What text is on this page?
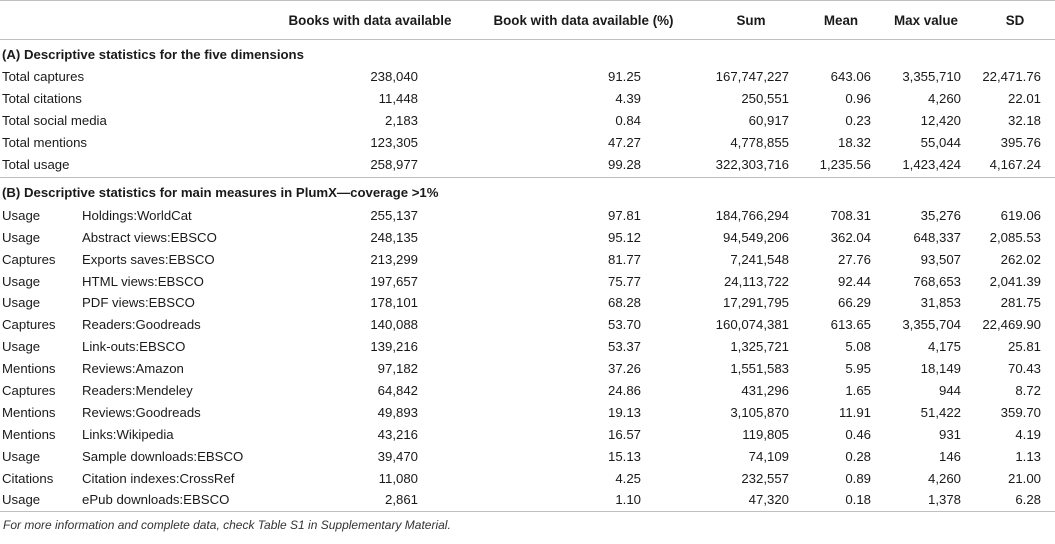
		Books with data available	Book with data available (%)	Sum	Mean	Max value	SD
(A) Descriptive statistics for the five dimensions							
Total captures		238,040	91.25	167,747,227	643.06	3,355,710	22,471.76
Total citations		11,448	4.39	250,551	0.96	4,260	22.01
Total social media		2,183	0.84	60,917	0.23	12,420	32.18
Total mentions		123,305	47.27	4,778,855	18.32	55,044	395.76
Total usage		258,977	99.28	322,303,716	1,235.56	1,423,424	4,167.24
(B) Descriptive statistics for main measures in PlumX—coverage >1%							
Usage	Holdings:WorldCat	255,137	97.81	184,766,294	708.31	35,276	619.06
Usage	Abstract views:EBSCO	248,135	95.12	94,549,206	362.04	648,337	2,085.53
Captures	Exports saves:EBSCO	213,299	81.77	7,241,548	27.76	93,507	262.02
Usage	HTML views:EBSCO	197,657	75.77	24,113,722	92.44	768,653	2,041.39
Usage	PDF views:EBSCO	178,101	68.28	17,291,795	66.29	31,853	281.75
Captures	Readers:Goodreads	140,088	53.70	160,074,381	613.65	3,355,704	22,469.90
Usage	Link-outs:EBSCO	139,216	53.37	1,325,721	5.08	4,175	25.81
Mentions	Reviews:Amazon	97,182	37.26	1,551,583	5.95	18,149	70.43
Captures	Readers:Mendeley	64,842	24.86	431,296	1.65	944	8.72
Mentions	Reviews:Goodreads	49,893	19.13	3,105,870	11.91	51,422	359.70
Mentions	Links:Wikipedia	43,216	16.57	119,805	0.46	931	4.19
Usage	Sample downloads:EBSCO	39,470	15.13	74,109	0.28	146	1.13
Citations	Citation indexes:CrossRef	11,080	4.25	232,557	0.89	4,260	21.00
Usage	ePub downloads:EBSCO	2,861	1.10	47,320	0.18	1,378	6.28
For more information and complete data, check Table S1 in Supplementary Material.
